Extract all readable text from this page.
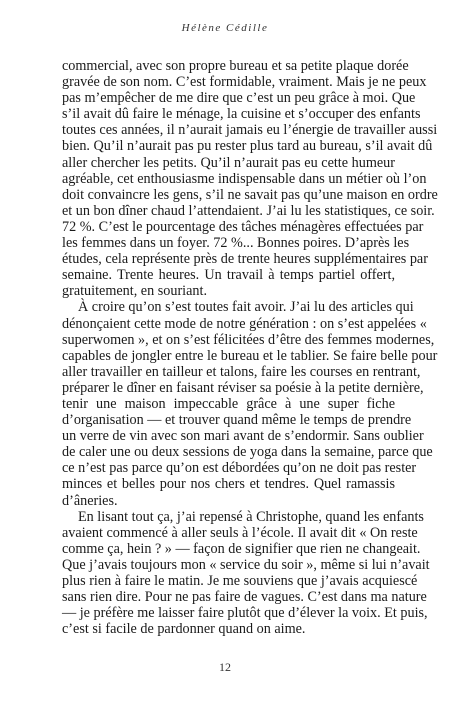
Hélène Cédille
commercial, avec son propre bureau et sa petite plaque dorée
gravée de son nom. C’est formidable, vraiment. Mais je ne peux
pas m’empêcher de me dire que c’est un peu grâce à moi. Que
s’il avait dû faire le ménage, la cuisine et s’occuper des enfants
toutes ces années, il n’aurait jamais eu l’énergie de travailler aussi
bien. Qu’il n’aurait pas pu rester plus tard au bureau, s’il avait dû
aller chercher les petits. Qu’il n’aurait pas eu cette humeur
agréable, cet enthousiasme indispensable dans un métier où l’on
doit convaincre les gens, s’il ne savait pas qu’une maison en ordre
et un bon dîner chaud l’attendaient. J’ai lu les statistiques, ce soir.
72 %. C’est le pourcentage des tâches ménagères effectuées par
les femmes dans un foyer. 72 %... Bonnes poires. D’après les
études, cela représente près de trente heures supplémentaires par
semaine. Trente heures. Un travail à temps partiel offert,
gratuitement, en souriant.
À croire qu’on s’est toutes fait avoir. J’ai lu des articles qui
dénonçaient cette mode de notre génération : on s’est appelées «
superwomen », et on s’est félicitées d’être des femmes modernes,
capables de jongler entre le bureau et le tablier. Se faire belle pour
aller travailler en tailleur et talons, faire les courses en rentrant,
préparer le dîner en faisant réviser sa poésie à la petite dernière,
tenir une maison impeccable grâce à une super fiche
d’organisation — et trouver quand même le temps de prendre
un verre de vin avec son mari avant de s’endormir. Sans oublier
de caler une ou deux sessions de yoga dans la semaine, parce que
ce n’est pas parce qu’on est débordées qu’on ne doit pas rester
minces et belles pour nos chers et tendres. Quel ramassis
d’âneries.
En lisant tout ça, j’ai repensé à Christophe, quand les enfants
avaient commencé à aller seuls à l’école. Il avait dit « On reste
comme ça, hein ? » — façon de signifier que rien ne changeait.
Que j’avais toujours mon « service du soir », même si lui n’avait
plus rien à faire le matin. Je me souviens que j’avais acquiescé
sans rien dire. Pour ne pas faire de vagues. C’est dans ma nature
— je préfère me laisser faire plutôt que d’élever la voix. Et puis,
c’est si facile de pardonner quand on aime.
12
